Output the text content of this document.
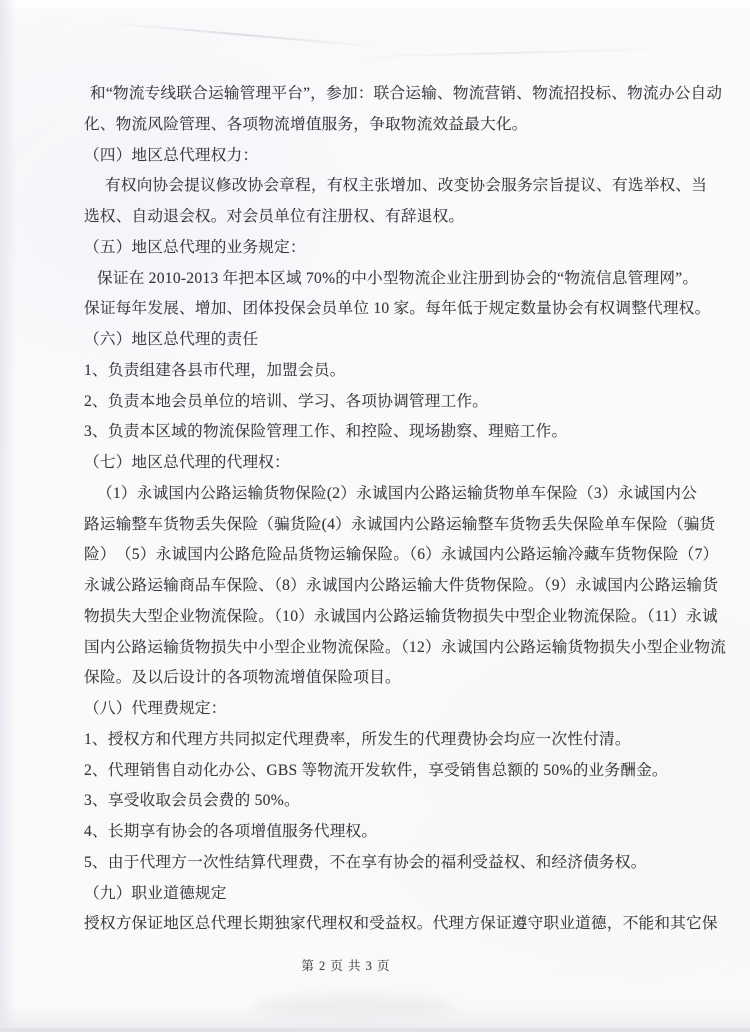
和“物流专线联合运输管理平台”，参加：联合运输、物流营销、物流招投标、物流办公自动
化、物流风险管理、各项物流增值服务，争取物流效益最大化。
（四）地区总代理权力：
有权向协会提议修改协会章程，有权主张增加、改变协会服务宗旨提议、有选举权、当
选权、自动退会权。对会员单位有注册权、有辞退权。
（五）地区总代理的业务规定：
保证在 2010-2013 年把本区域 70%的中小型物流企业注册到协会的“物流信息管理网”。
保证每年发展、增加、团体投保会员单位 10 家。每年低于规定数量协会有权调整代理权。
（六）地区总代理的责任
1、负责组建各县市代理，加盟会员。
2、负责本地会员单位的培训、学习、各项协调管理工作。
3、负责本区域的物流保险管理工作、和控险、现场勘察、理赔工作。
（七）地区总代理的代理权：
（1）永诚国内公路运输货物保险(2）永诚国内公路运输货物单车保险（3）永诚国内公
路运输整车货物丢失保险（骗货险(4）永诚国内公路运输整车货物丢失保险单车保险（骗货
险）　（5）永诚国内公路危险品货物运输保险。（6）永诚国内公路运输冷藏车货物保险（7）
永诚公路运输商品车保险、（8）永诚国内公路运输大件货物保险。（9）永诚国内公路运输货
物损失大型企业物流保险。（10）永诚国内公路运输货物损失中型企业物流保险。（11）永诚
国内公路运输货物损失中小型企业物流保险。（12）永诚国内公路运输货物损失小型企业物流
保险。及以后设计的各项物流增值保险项目。
（八）代理费规定：
1、授权方和代理方共同拟定代理费率，所发生的代理费协会均应一次性付清。
2、代理销售自动化办公、GBS 等物流开发软件，享受销售总额的 50%的业务酬金。
3、享受收取会员会费的 50%。
4、长期享有协会的各项增值服务代理权。
5、由于代理方一次性结算代理费，不在享有协会的福利受益权、和经济债务权。
（九）职业道德规定
授权方保证地区总代理长期独家代理权和受益权。代理方保证遵守职业道德，不能和其它保
第 2 页 共 3 页
